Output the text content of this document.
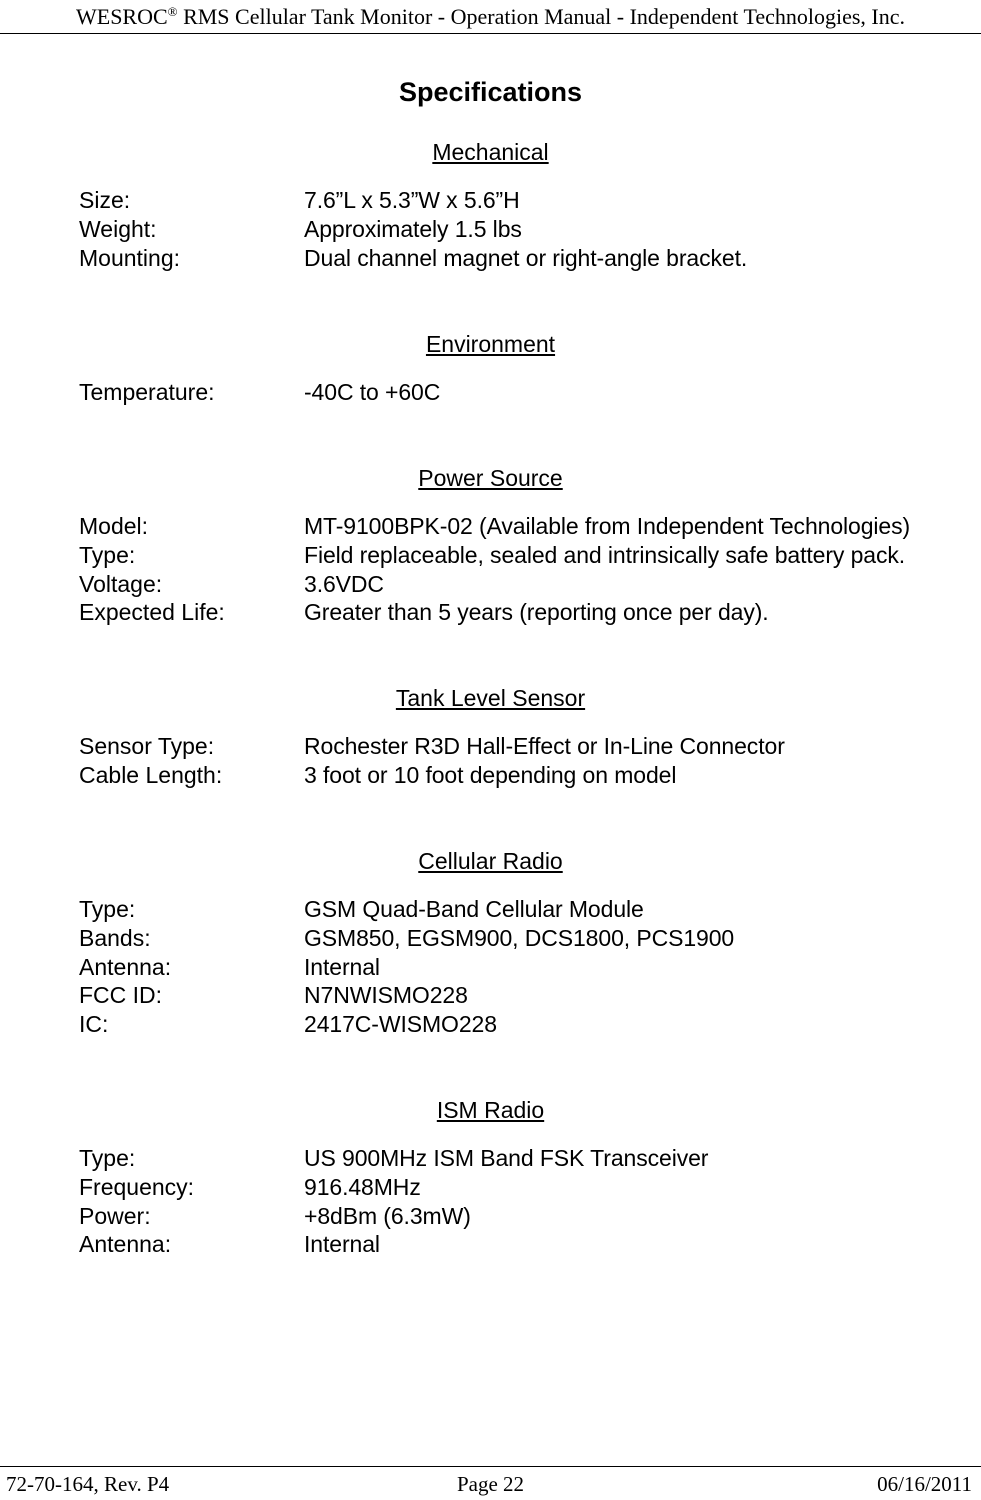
WESROC® RMS Cellular Tank Monitor - Operation Manual - Independent Technologies, Inc.
Specifications
Mechanical
Size:	7.6”L x 5.3”W x 5.6”H
Weight:	Approximately 1.5 lbs
Mounting:	Dual channel magnet or right-angle bracket.
Environment
Temperature:	-40C to +60C
Power Source
Model:	MT-9100BPK-02 (Available from Independent Technologies)
Type:	Field replaceable, sealed and intrinsically safe battery pack.
Voltage:	3.6VDC
Expected Life:	Greater than 5 years (reporting once per day).
Tank Level Sensor
Sensor Type:	Rochester R3D Hall-Effect or In-Line Connector
Cable Length:	3 foot or 10 foot depending on model
Cellular Radio
Type:	GSM Quad-Band Cellular Module
Bands:	GSM850, EGSM900, DCS1800, PCS1900
Antenna:	Internal
FCC ID:	N7NWISMO228
IC:	2417C-WISMO228
ISM Radio
Type:	US 900MHz ISM Band FSK Transceiver
Frequency:	916.48MHz
Power:	+8dBm (6.3mW)
Antenna:	Internal
72-70-164, Rev. P4	Page 22	06/16/2011
